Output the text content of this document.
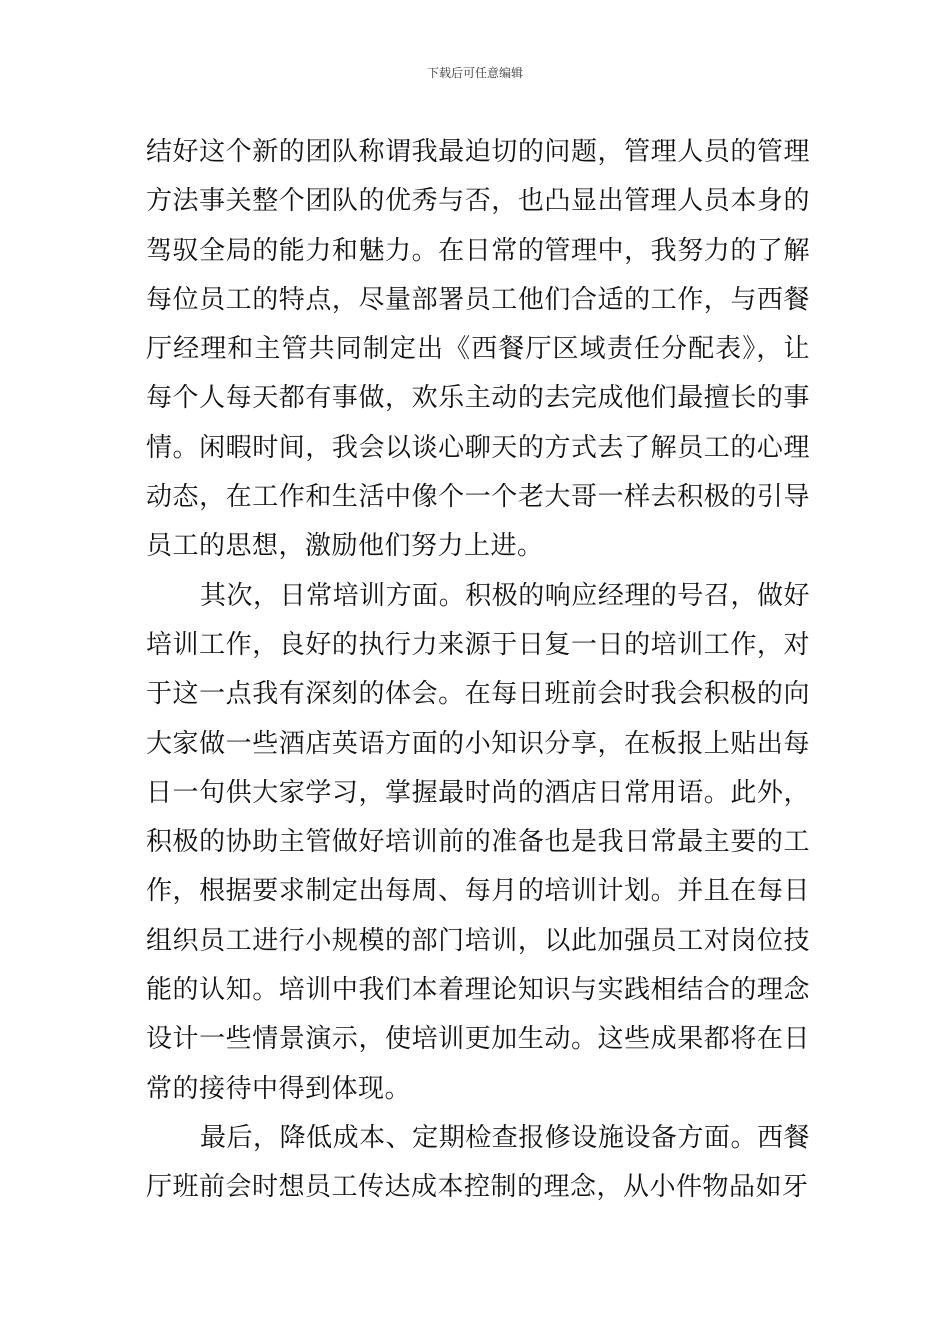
下载后可任意编辑

结好这个新的团队称谓我最迫切的问题，管理人员的管理方法事关整个团队的优秀与否，也凸显出管理人员本身的驾驭全局的能力和魅力。在日常的管理中，我努力的了解每位员工的特点，尽量部署员工他们合适的工作，与西餐厅经理和主管共同制定出《西餐厅区域责任分配表》，让每个人每天都有事做，欢乐主动的去完成他们最擅长的事情。闲暇时间，我会以谈心聊天的方式去了解员工的心理动态，在工作和生活中像个一个老大哥一样去积极的引导员工的思想，激励他们努力上进。

其次，日常培训方面。积极的响应经理的号召，做好培训工作，良好的执行力来源于日复一日的培训工作，对于这一点我有深刻的体会。在每日班前会时我会积极的向大家做一些酒店英语方面的小知识分享，在板报上贴出每日一句供大家学习，掌握最时尚的酒店日常用语。此外，积极的协助主管做好培训前的准备也是我日常最主要的工作，根据要求制定出每周、每月的培训计划。并且在每日组织员工进行小规模的部门培训，以此加强员工对岗位技能的认知。培训中我们本着理论知识与实践相结合的理念设计一些情景演示，使培训更加生动。这些成果都将在日常的接待中得到体现。

最后，降低成本、定期检查报修设施设备方面。西餐厅班前会时想员工传达成本控制的理念，从小件物品如牙
